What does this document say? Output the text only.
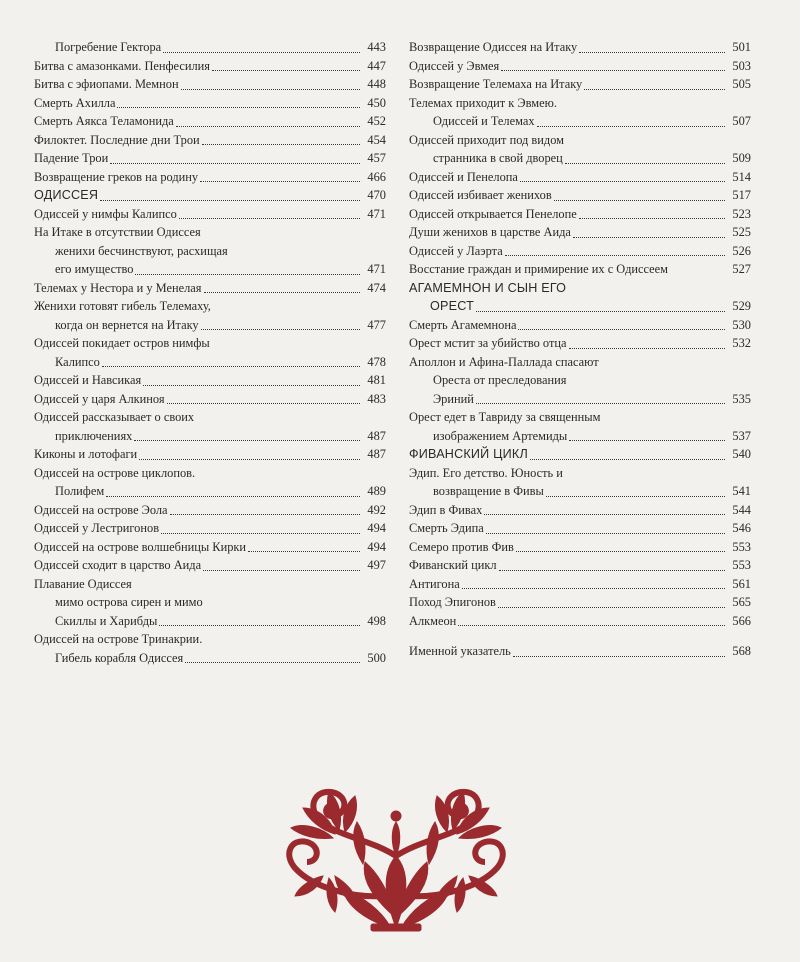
Погребение Гектора	443
Битва с амазонками. Пенфесилия	447
Битва с эфиопами. Мемнон	448
Смерть Ахилла	450
Смерть Аякса Теламонида	452
Филоктет. Последние дни Трои	454
Падение Трои	457
Возвращение греков на родину	466
ОДИССЕЯ	470
Одиссей у нимфы Калипсо	471
На Итаке в отсутствии Одиссея
женихи бесчинствуют, расхищая
его имущество	471
Телемах у Нестора и у Менелая	474
Женихи готовят гибель Телемаху,
когда он вернется на Итаку	477
Одиссей покидает остров нимфы
Калипсо	478
Одиссей и Навсикая	481
Одиссей у царя Алкиноя	483
Одиссей рассказывает о своих
приключениях	487
Киконы и лотофаги	487
Одиссей на острове циклопов.
Полифем	489
Одиссей на острове Эола	492
Одиссей у Лестригонов	494
Одиссей на острове волшебницы Кирки	494
Одиссей сходит в царство Аида	497
Плавание Одиссея
мимо острова сирен и мимо
Скиллы и Харибды	498
Одиссей на острове Тринакрии.
Гибель корабля Одиссея	500
Возвращение Одиссея на Итаку	501
Одиссей у Эвмея	503
Возвращение Телемаха на Итаку	505
Телемах приходит к Эвмею.
Одиссей и Телемах	507
Одиссей приходит под видом
странника в свой дворец	509
Одиссей и Пенелопа	514
Одиссей избивает женихов	517
Одиссей открывается Пенелопе	523
Души женихов в царстве Аида	525
Одиссей у Лаэрта	526
Восстание граждан и примирение их с Одиссеем	527
АГАМЕМНОН И СЫН ЕГО
ОРЕСТ	529
Смерть Агамемнона	530
Орест мстит за убийство отца	532
Аполлон и Афина-Паллада спасают
Ореста от преследования
Эриний	535
Орест едет в Тавриду за священным
изображением Артемиды	537
ФИВАНСКИЙ ЦИКЛ	540
Эдип. Его детство. Юность и
возвращение в Фивы	541
Эдип в Фивах	544
Смерть Эдипа	546
Семеро против Фив	553
Фиванский цикл	553
Антигона	561
Поход Эпигонов	565
Алкмеон	566
Именной указатель	568
